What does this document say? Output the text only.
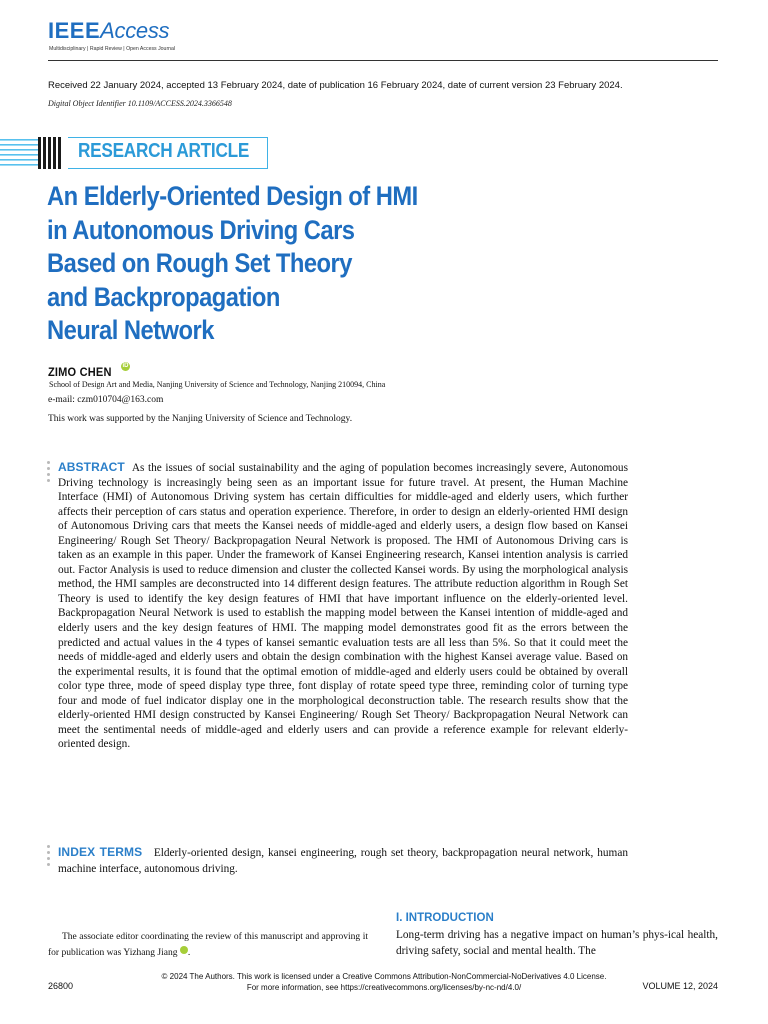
IEEEAccess
Multidisciplinary | Rapid Review | Open Access Journal
Received 22 January 2024, accepted 13 February 2024, date of publication 16 February 2024, date of current version 23 February 2024.
Digital Object Identifier 10.1109/ACCESS.2024.3366548
RESEARCH ARTICLE
An Elderly-Oriented Design of HMI
in Autonomous Driving Cars
Based on Rough Set Theory
and Backpropagation
Neural Network
ZIMO CHEN iD
School of Design Art and Media, Nanjing University of Science and Technology, Nanjing 210094, China
e-mail: czm010704@163.com
This work was supported by the Nanjing University of Science and Technology.
ABSTRACT As the issues of social sustainability and the aging of population becomes increasingly severe, Autonomous Driving technology is increasingly being seen as an important issue for future travel. At present, the Human Machine Interface (HMI) of Autonomous Driving system has certain difficulties for middle-aged and elderly users, which further affects their perception of cars status and operation experience. Therefore, in order to design an elderly-oriented HMI design of Autonomous Driving cars that meets the Kansei needs of middle-aged and elderly users, a design flow based on Kansei Engineering/ Rough Set Theory/ Backpropagation Neural Network is proposed. The HMI of Autonomous Driving cars is taken as an example in this paper. Under the framework of Kansei Engineering research, Kansei intention analysis is carried out. Factor Analysis is used to reduce dimension and cluster the collected Kansei words. By using the morphological analysis method, the HMI samples are deconstructed into 14 different design features. The attribute reduction algorithm in Rough Set Theory is used to identify the key design features of HMI that have important influence on the elderly-oriented level. Backpropagation Neural Network is used to establish the mapping model between the Kansei intention of middle-aged and elderly users and the key design features of HMI. The mapping model demonstrates good fit as the errors between the predicted and actual values in the 4 types of kansei semantic evaluation tests are all less than 5%. So that it could meet the needs of middle-aged and elderly users and obtain the design combination with the highest Kansei average value. Based on the experimental results, it is found that the optimal emotion of middle-aged and elderly users could be obtained by overall color type three, mode of speed display type three, font display of rotate speed type three, reminding color of turning type four and mode of fuel indicator display one in the morphological deconstruction table. The research results show that the elderly-oriented HMI design constructed by Kansei Engineering/ Rough Set Theory/ Backpropagation Neural Network can meet the sentimental needs of middle-aged and elderly users and can provide a reference example for relevant elderly-oriented design.
INDEX TERMS Elderly-oriented design, kansei engineering, rough set theory, backpropagation neural network, human machine interface, autonomous driving.
The associate editor coordinating the review of this manuscript and approving it for publication was Yizhang Jiang	iD.
I. INTRODUCTION
Long-term driving has a negative impact on human’s phys-ical health, driving safety, social and mental health. The
© 2024 The Authors. This work is licensed under a Creative Commons Attribution-NonCommercial-NoDerivatives 4.0 License.
For more information, see https://creativecommons.org/licenses/by-nc-nd/4.0/
26800	VOLUME 12, 2024
